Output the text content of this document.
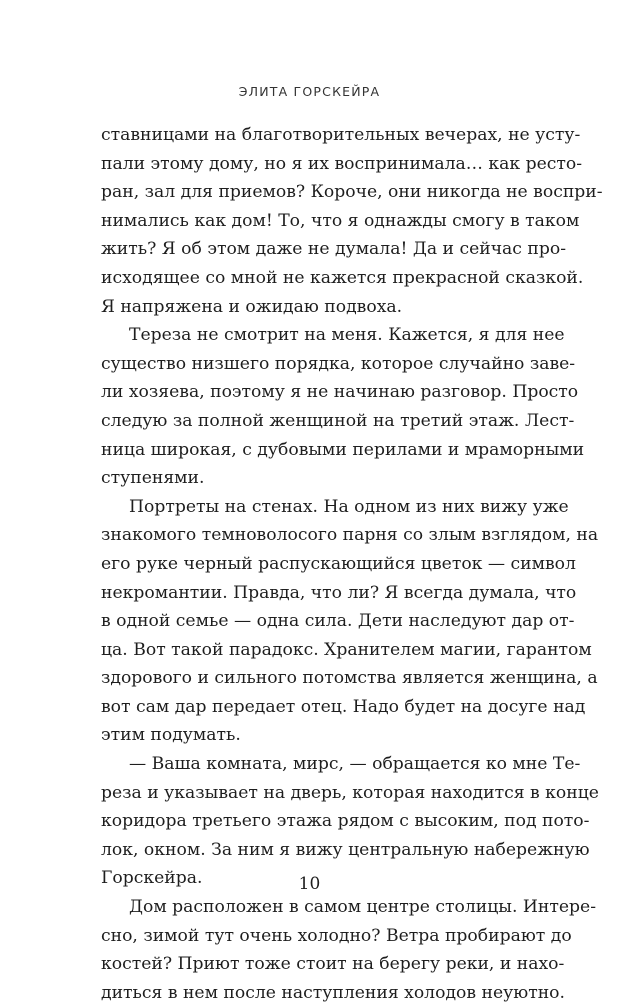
ЭЛИТА ГОРСКЕЙРА
ставницами на благотворительных вечерах, не усту-
пали этому дому, но я их воспринимала… как ресто-
ран, зал для приемов? Короче, они никогда не воспри-
нимались как дом! То, что я однажды смогу в таком
жить? Я об этом даже не думала! Да и сейчас про-
исходящее со мной не кажется прекрасной сказкой.
Я напряжена и ожидаю подвоха.
Тереза не смотрит на меня. Кажется, я для нее
существо низшего порядка, которое случайно заве-
ли хозяева, поэтому я не начинаю разговор. Просто
следую за полной женщиной на третий этаж. Лест-
ница широкая, с дубовыми перилами и мраморными
ступенями.
Портреты на стенах. На одном из них вижу уже
знакомого темноволосого парня со злым взглядом, на
его руке черный распускающийся цветок — символ
некромантии. Правда, что ли? Я всегда думала, что
в одной семье — одна сила. Дети наследуют дар от-
ца. Вот такой парадокс. Хранителем магии, гарантом
здорового и сильного потомства является женщина, а
вот сам дар передает отец. Надо будет на досуге над
этим подумать.
— Ваша комната, мирс, — обращается ко мне Те-
реза и указывает на дверь, которая находится в конце
коридора третьего этажа рядом с высоким, под пото-
лок, окном. За ним я вижу центральную набережную
Горскейра.
Дом расположен в самом центре столицы. Интере-
сно, зимой тут очень холодно? Ветра пробирают до
костей? Приют тоже стоит на берегу реки, и нахо-
диться в нем после наступления холодов неуютно.
10
